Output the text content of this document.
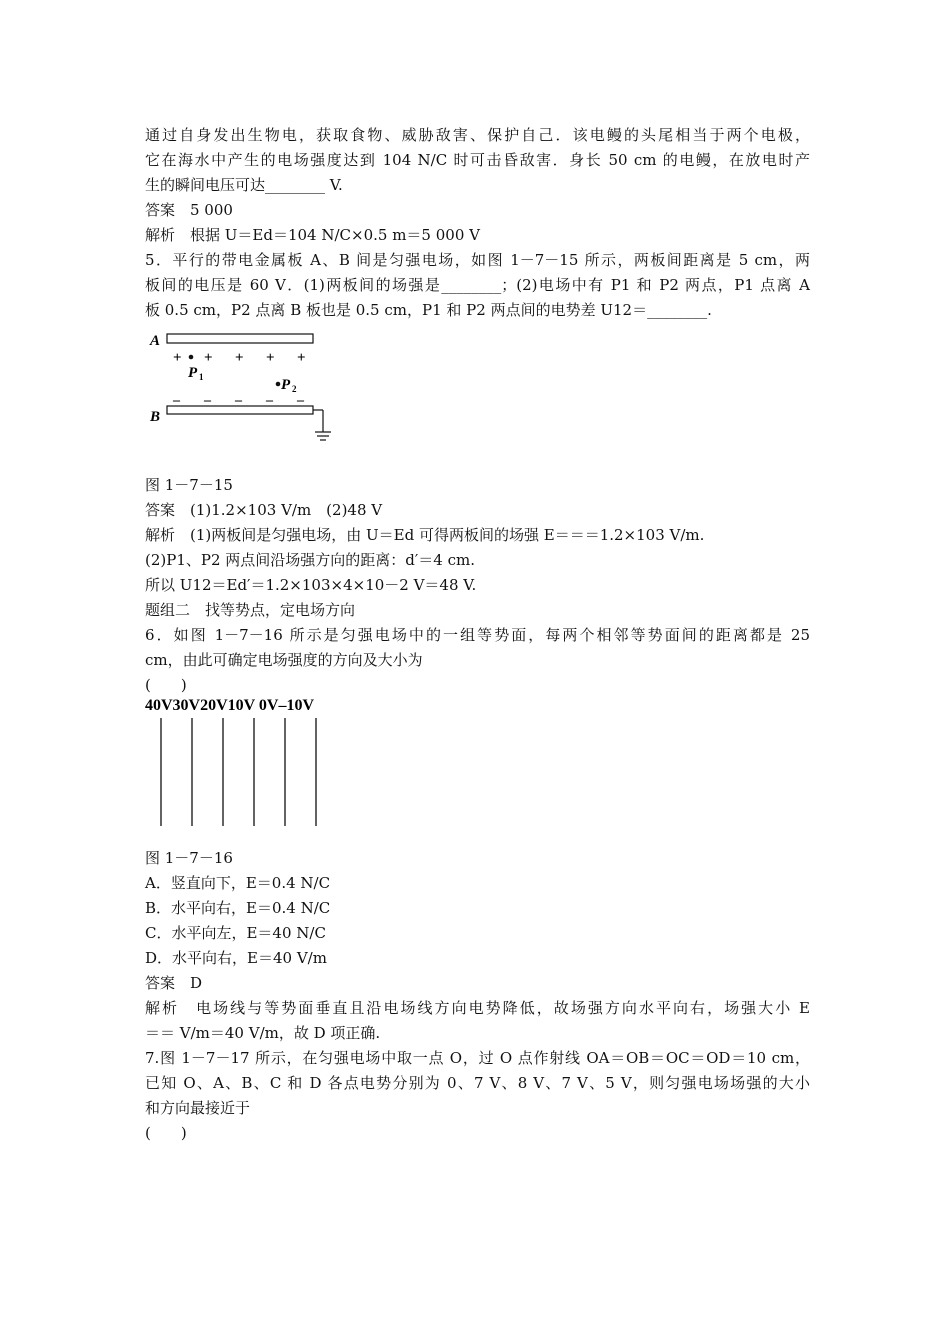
通过自身发出生物电，获取食物、威胁敌害、保护自己．该电鳗的头尾相当于两个电极，
它在海水中产生的电场强度达到 104 N/C 时可击昏敌害．身长 50 cm 的电鳗，在放电时产
生的瞬间电压可达________ V.
答案　5 000
解析　根据 U＝Ed＝104 N/C×0.5 m＝5 000 V
5．平行的带电金属板 A、B 间是匀强电场，如图 1－7－15 所示，两板间距离是 5 cm，两
板间的电压是 60 V．(1)两板间的场强是________；(2)电场中有 P1 和 P2 两点，P1 点离 A
板 0.5 cm，P2 点离 B 板也是 0.5 cm，P1 和 P2 两点间的电势差 U12＝________.
A
+ + + + +
P 1	P 2
– – – – –
B
图 1－7－15
答案　(1)1.2×103 V/m　(2)48 V
解析　(1)两板间是匀强电场，由 U＝Ed 可得两板间的场强 E＝＝＝1.2×103 V/m.
(2)P1、P2 两点间沿场强方向的距离：d′＝4 cm.
所以 U12＝Ed′＝1.2×103×4×10－2 V＝48 V.
题组二　找等势点，定电场方向
6．如图 1－7－16 所示是匀强电场中的一组等势面，每两个相邻等势面间的距离都是 25
cm，由此可确定电场强度的方向及大小为
(　　)
40V30V20V10V 0V–10V
图 1－7－16
A．竖直向下，E＝0.4 N/C
B．水平向右，E＝0.4 N/C
C．水平向左，E＝40 N/C
D．水平向右，E＝40 V/m
答案　D
解析　电场线与等势面垂直且沿电场线方向电势降低，故场强方向水平向右，场强大小 E
＝＝ V/m＝40 V/m，故 D 项正确.
7.图 1－7－17 所示，在匀强电场中取一点 O，过 O 点作射线 OA＝OB＝OC＝OD＝10 cm，
已知 O、A、B、C 和 D 各点电势分别为 0、7 V、8 V、7 V、5 V，则匀强电场场强的大小
和方向最接近于
(　　)
